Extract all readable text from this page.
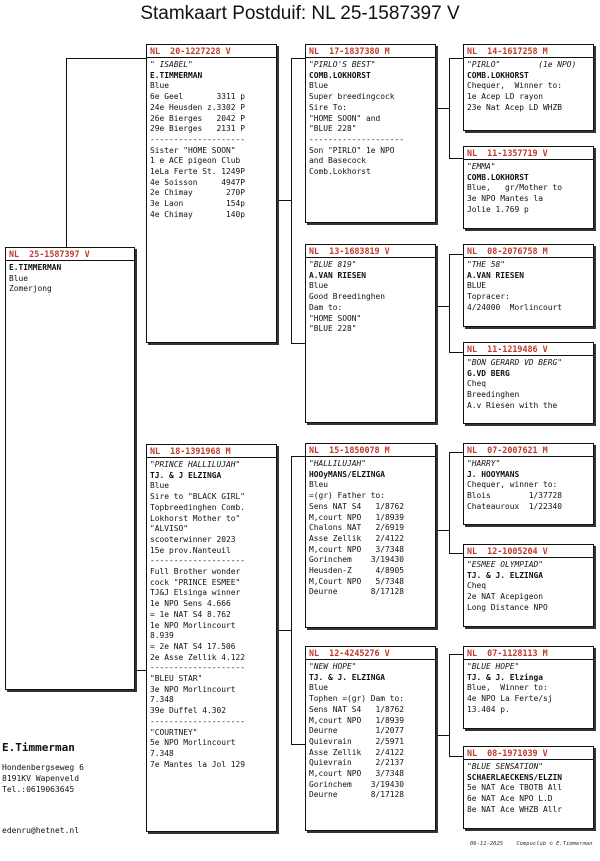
Stamkaart Postduif: NL 25-1587397 V
NL  25-1587397 V
E.TIMMERMAN
Blue
Zomerjong
NL  20-1227228 V
" ISABEL"
E.TIMMERMAN
Blue
6e Geel       3311 p
24e Heusden z.3302 P
26e Bierges   2042 P
29e Bierges   2131 P
--------------------
Sister "HOME SOON"
1 e ACE pigeon Club
1eLa Ferte St. 1249P
4e Soisson     4947P
2e Chimay       270P
3e Laon         154p
4e Chimay       140p
NL  18-1391968 M
"PRINCE HALLILUJAH"
TJ. & J ELZINGA
Blue
Sire to "BLACK GIRL"
Topbreedinghen Comb.
Lokhorst Mother to"
"ALVISO"
scooterwinner 2023
15e prov.Nanteuil
--------------------
Full Brother wonder
cock "PRINCE ESMEE"
TJ&J Elsinga winner
1e NPO Sens 4.666
= 1e NAT S4 8.762
1e NPO Morlincourt
8.939
= 2e NAT S4 17.506
2e Asse Zellik 4.122
--------------------
"BLEU STAR"
3e NPO Morlincourt
7.348
39e Duffel 4.302
--------------------
"COURTNEY"
5e NPO Morlincourt
7.348
7e Mantes la Jol 129
NL  17-1837380 M
"PIRLO'S BEST"
COMB.LOKHORST
Blue
Super breedingcock
Sire To:
"HOME SOON" and
"BLUE 228"
--------------------
Son "PIRLO" 1e NPO
and Basecock
Comb.Lokhorst
NL  13-1683819 V
"BLUE 819"
A.VAN RIESEN
Blue
Good Breedinghen
Dam to:
"HOME SOON"
"BLUE 228"
NL  15-1850078 M
"HALLILUJAH"
HOOyMANS/ELZINGA
Bleu
=(gr) Father to:
Sens NAT S4   1/8762
M,court NPO   1/8939
Chalons NAT   2/6919
Asse Zellik   2/4122
M,court NPO   3/7348
Gorinchem    3/19430
Heusden-Z     4/8905
M,Court NPO   5/7348
Deurne       8/17128
NL  12-4245276 V
"NEW HOPE"
TJ. & J. ELZINGA
Blue
Tophen =(gr) Dam to:
Sens NAT S4   1/8762
M,court NPO   1/8939
Deurne        1/2077
Quievrain     2/5971
Asse Zellik   2/4122
Quievrain     2/2137
M,court NPO   3/7348
Gorinchem    3/19430
Deurne       8/17128
NL  14-1617258 M
"PIRLO"        (1e NPO)
COMB.LOKHORST
Chequer,  Winner to:
1e Acep LD rayon
23e Nat Acep LD WHZB
NL  11-1357719 V
"EMMA"
COMB.LOKHORST
Blue,   gr/Mother to
3e NPO Mantes la
Jolie 1.769 p
NL  08-2076758 M
"THE 58"
A.VAN RIESEN
BLUE
Topracer:
4/24000  Morlincourt
NL  11-1219486 V
"BON GERARD VD BERG"
G.VD BERG
Cheq
Breedinghen
A.v Riesen with the
NL  07-2007621 M
"HARRY"
J. HOOYMANS
Chequer, winner to:
Blois        1/37728
Chateauroux  1/22340
NL  12-1005204 V
"ESMEE OLYMPIAD"
TJ. & J. ELZINGA
Cheq
2e NAT Acepigeon
Long Distance NPO
NL  07-1128113 M
"BLUE HOPE"
TJ. & J. Elzinga
Blue,  Winner to:
4e NPO La Ferte/sj
13.404 p.
NL  08-1971039 V
"BLUE SENSATION"
SCHAERLAECKENS/ELZIN
5e NAT Ace TBOTB All
6e NAT Ace NPO L.D
8e NAT Ace WHZB Allr
E.Timmerman
Hondenbergseweg 6
8191KV Wapenveld
Tel.:0619063645
edenru@hetnet.nl
06-11-2025    Compuclub © E.Timmerman
